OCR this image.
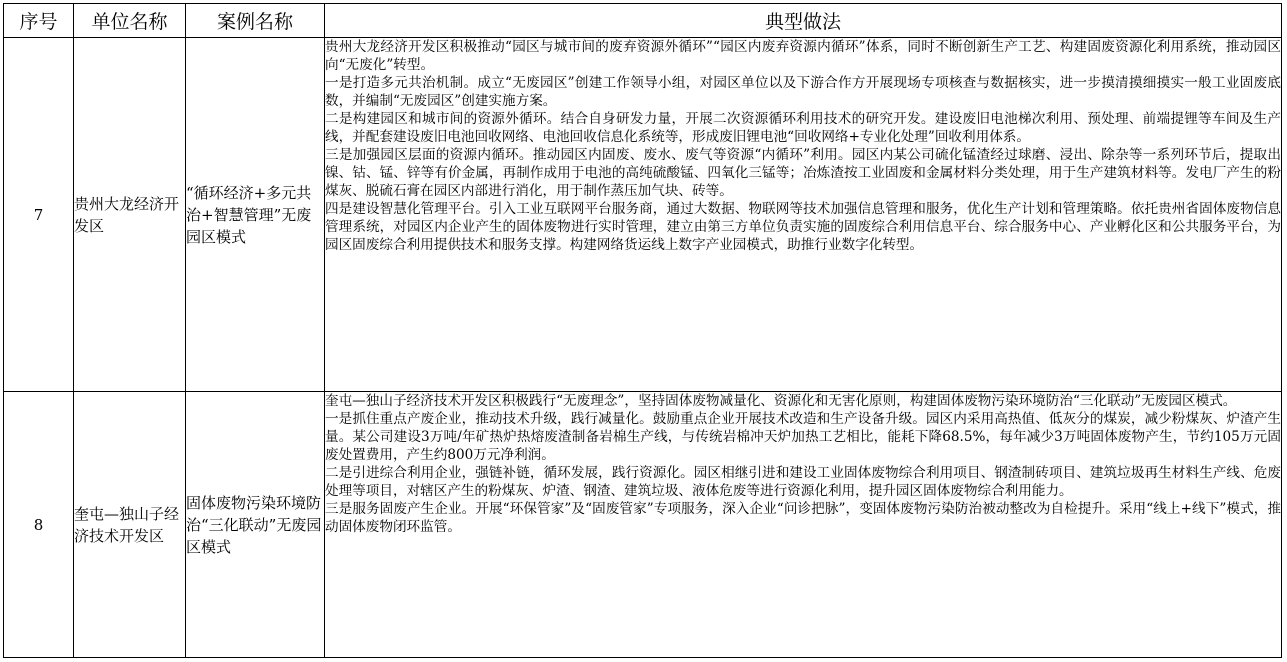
序号	单位名称	案例名称	典型做法
7	贵州大龙经济开发区	“循环经济+多元共治+智慧管理”无废园区模式	贵州大龙经济开发区积极推动“园区与城市间的废弃资源外循环”“园区内废弃资源内循环”体系，同时不断创新生产工艺、构建固废资源化利用系统，推动园区向“无废化”转型。

一是打造多元共治机制。成立“无废园区”创建工作领导小组，对园区单位以及下游合作方开展现场专项核查与数据核实，进一步摸清摸细摸实一般工业固废底数，并编制“无废园区”创建实施方案。

二是构建园区和城市间的资源外循环。结合自身研发力量，开展二次资源循环利用技术的研究开发。建设废旧电池梯次利用、预处理、前端提锂等车间及生产线，并配套建设废旧电池回收网络、电池回收信息化系统等，形成废旧锂电池“回收网络+专业化处理”回收利用体系。

三是加强园区层面的资源内循环。推动园区内固废、废水、废气等资源“内循环”利用。园区内某公司硫化锰渣经过球磨、浸出、除杂等一系列环节后，提取出镍、钴、锰、锌等有价金属，再制作成用于电池的高纯硫酸锰、四氧化三锰等；冶炼渣按工业固废和金属材料分类处理，用于生产建筑材料等。发电厂产生的粉煤灰、脱硫石膏在园区内部进行消化，用于制作蒸压加气块、砖等。

四是建设智慧化管理平台。引入工业互联网平台服务商，通过大数据、物联网等技术加强信息管理和服务，优化生产计划和管理策略。依托贵州省固体废物信息管理系统，对园区内企业产生的固体废物进行实时管理，建立由第三方单位负责实施的固废综合利用信息平台、综合服务中心、产业孵化区和公共服务平台，为园区固废综合利用提供技术和服务支撑。构建网络货运线上数字产业园模式，助推行业数字化转型。

8	奎屯—独山子经济技术开发区	固体废物污染环境防治“三化联动”无废园区模式	奎屯—独山子经济技术开发区积极践行“无废理念”，坚持固体废物减量化、资源化和无害化原则，构建固体废物污染环境防治“三化联动”无废园区模式。

一是抓住重点产废企业，推动技术升级，践行减量化。鼓励重点企业开展技术改造和生产设备升级。园区内采用高热值、低灰分的煤炭，减少粉煤灰、炉渣产生量。某公司建设3万吨/年矿热炉热熔废渣制备岩棉生产线，与传统岩棉冲天炉加热工艺相比，能耗下降68.5%，每年减少3万吨固体废物产生，节约105万元固废处置费用，产生约800万元净利润。

二是引进综合利用企业，强链补链，循环发展，践行资源化。园区相继引进和建设工业固体废物综合利用项目、钢渣制砖项目、建筑垃圾再生材料生产线、危废处理等项目，对辖区产生的粉煤灰、炉渣、钢渣、建筑垃圾、液体危废等进行资源化利用，提升园区固体废物综合利用能力。

三是服务固废产生企业。开展“环保管家”及“固废管家”专项服务，深入企业“问诊把脉”，变固体废物污染防治被动整改为自检提升。采用“线上+线下”模式，推动固体废物闭环监管。
